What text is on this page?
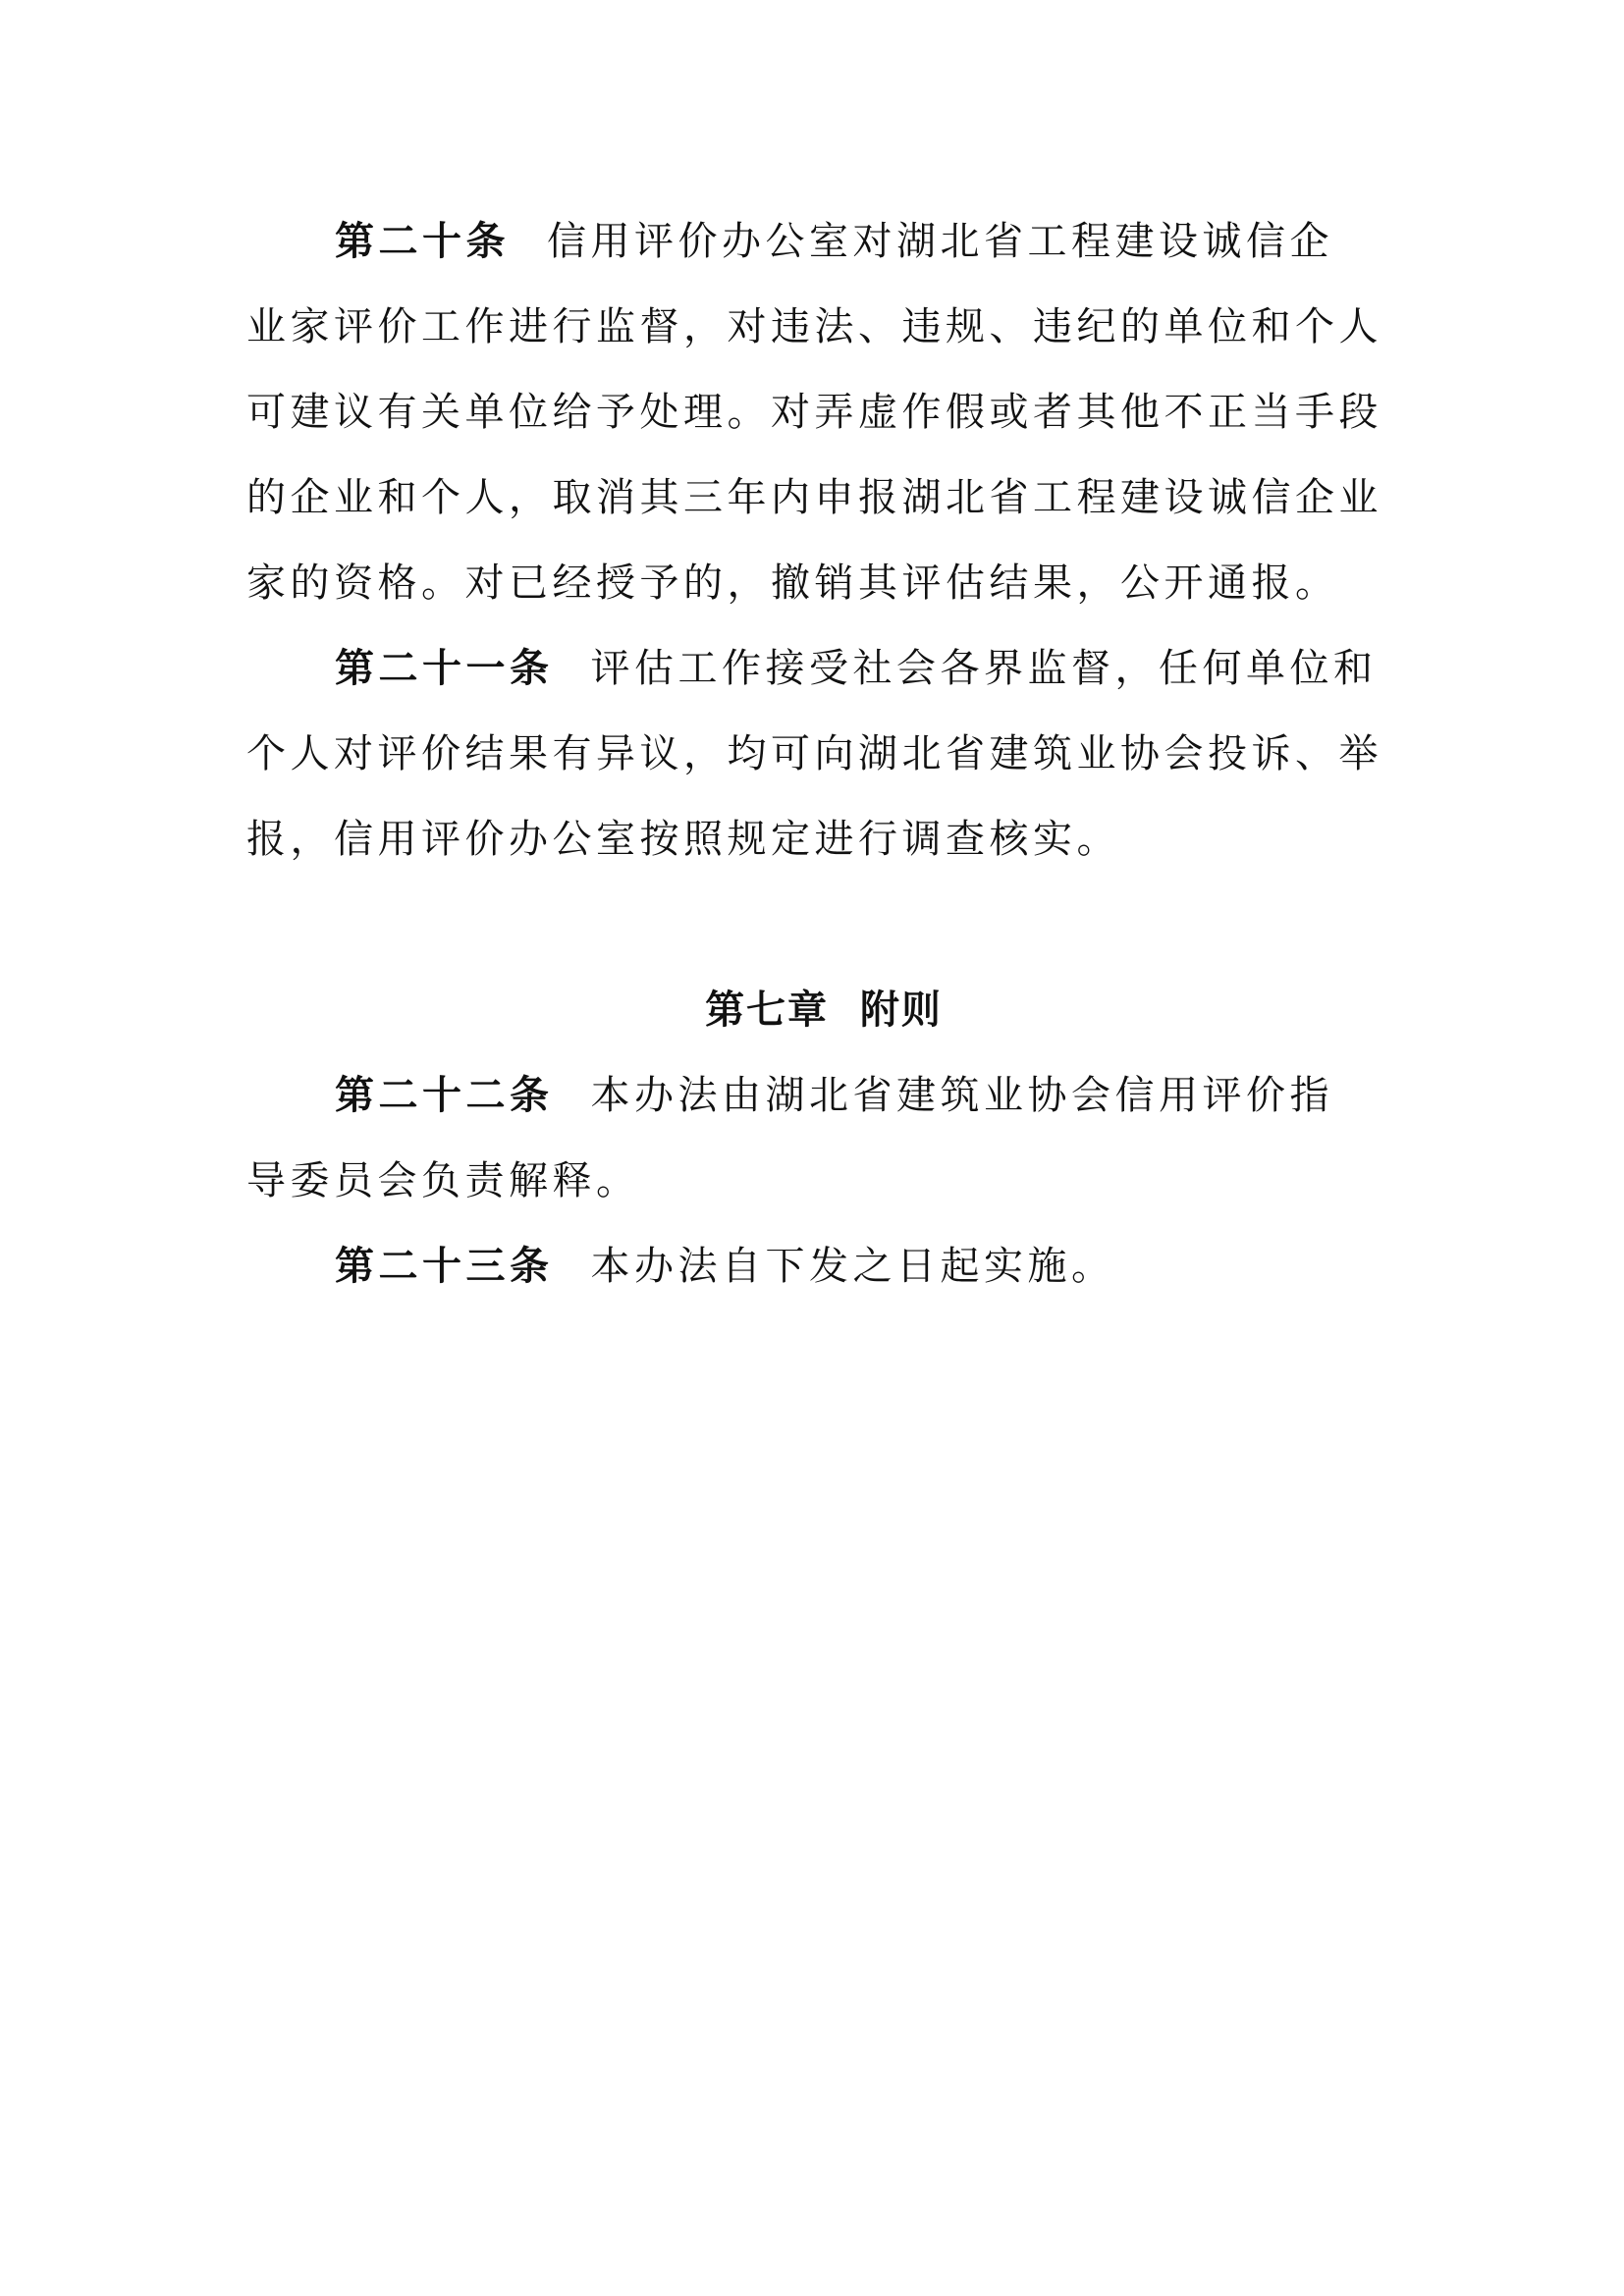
第二十条 信用评价办公室对湖北省工程建设诚信企
业家评价工作进行监督，对违法、违规、违纪的单位和个人
可建议有关单位给予处理。对弄虚作假或者其他不正当手段
的企业和个人，取消其三年内申报湖北省工程建设诚信企业
家的资格。对已经授予的，撤销其评估结果，公开通报。
第二十一条 评估工作接受社会各界监督，任何单位和
个人对评价结果有异议，均可向湖北省建筑业协会投诉、举
报，信用评价办公室按照规定进行调查核实。
第七章  附则
第二十二条 本办法由湖北省建筑业协会信用评价指
导委员会负责解释。
第二十三条 本办法自下发之日起实施。
